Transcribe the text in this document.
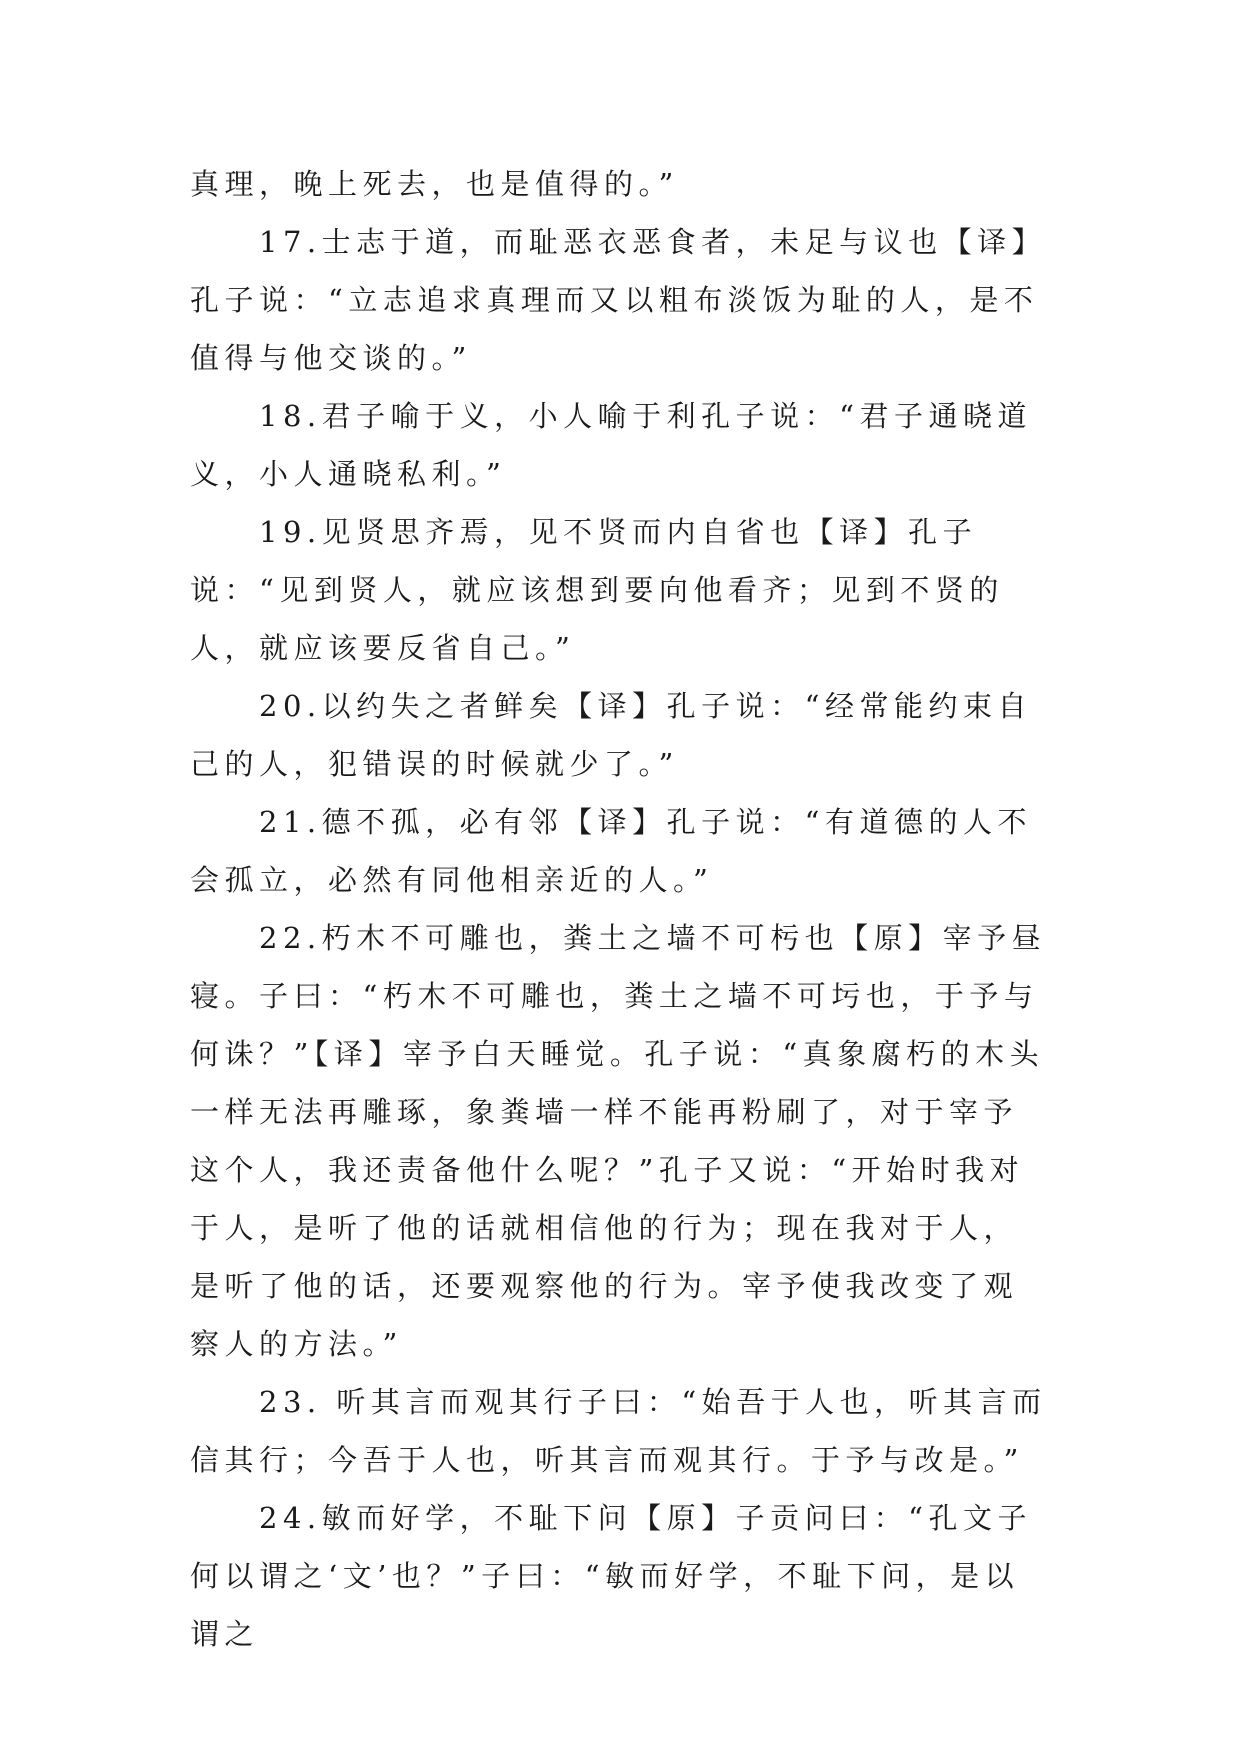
真理，晚上死去，也是值得的。”

　　17.士志于道，而耻恶衣恶食者，未足与议也【译】孔子说：“立志追求真理而又以粗布淡饭为耻的人，是不值得与他交谈的。”

　　18.君子喻于义，小人喻于利孔子说：“君子通晓道义，小人通晓私利。”

　　19.见贤思齐焉，见不贤而内自省也【译】孔子说：“见到贤人，就应该想到要向他看齐；见到不贤的人，就应该要反省自己。”

　　20.以约失之者鲜矣【译】孔子说：“经常能约束自己的人，犯错误的时候就少了。”

　　21.德不孤，必有邻【译】孔子说：“有道德的人不会孤立，必然有同他相亲近的人。”

　　22.朽木不可雕也，粪土之墙不可杇也【原】宰予昼寝。子曰：“朽木不可雕也，粪土之墙不可圬也，于予与何诛？”【译】宰予白天睡觉。孔子说：“真象腐朽的木头一样无法再雕琢，象粪墙一样不能再粉刷了，对于宰予这个人，我还责备他什么呢？”孔子又说：“开始时我对于人，是听了他的话就相信他的行为；现在我对于人，是听了他的话，还要观察他的行为。宰予使我改变了观察人的方法。”

　　23. 听其言而观其行子曰：“始吾于人也，听其言而信其行；今吾于人也，听其言而观其行。于予与改是。”

　　24.敏而好学，不耻下问【原】子贡问曰：“孔文子何以谓之‘文’也？”子曰：“敏而好学，不耻下问，是以谓之
